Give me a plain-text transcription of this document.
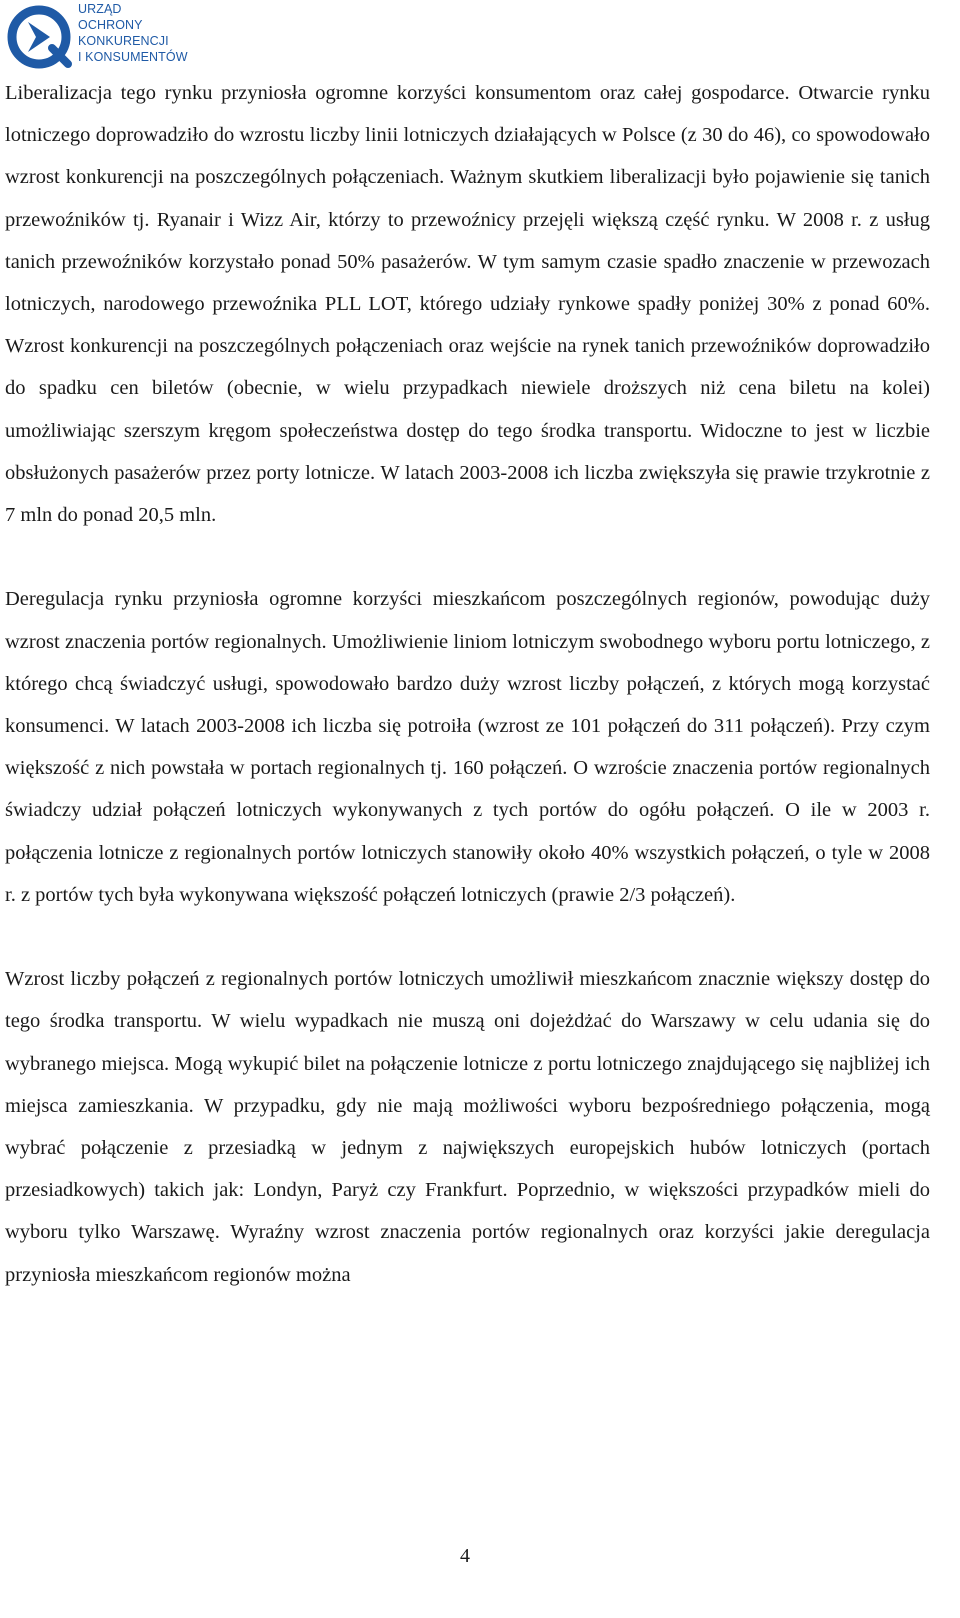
URZĄD
OCHRONY
KONKURENCJI
I KONSUMENTÓW

Liberalizacja tego rynku przyniosła ogromne korzyści konsumentom oraz całej gospodarce. Otwarcie rynku lotniczego doprowadziło do wzrostu liczby linii lotniczych działających w Polsce (z 30 do 46), co spowodowało wzrost konkurencji na poszczególnych połączeniach. Ważnym skutkiem liberalizacji było pojawienie się tanich przewoźników tj. Ryanair i Wizz Air, którzy to przewoźnicy przejęli większą część rynku. W 2008 r. z usług tanich przewoźników korzystało ponad 50% pasażerów. W tym samym czasie spadło znaczenie w przewozach lotniczych, narodowego przewoźnika PLL LOT, którego udziały rynkowe spadły poniżej 30% z ponad 60%. Wzrost konkurencji na poszczególnych połączeniach oraz wejście na rynek tanich przewoźników doprowadziło do spadku cen biletów (obecnie, w wielu przypadkach niewiele droższych niż cena biletu na kolei) umożliwiając szerszym kręgom społeczeństwa dostęp do tego środka transportu. Widoczne to jest w liczbie obsłużonych pasażerów przez porty lotnicze. W latach 2003-2008 ich liczba zwiększyła się prawie trzykrotnie z 7 mln do ponad 20,5 mln.

Deregulacja rynku przyniosła ogromne korzyści mieszkańcom poszczególnych regionów, powodując duży wzrost znaczenia portów regionalnych. Umożliwienie liniom lotniczym swobodnego wyboru portu lotniczego, z którego chcą świadczyć usługi, spowodowało bardzo duży wzrost liczby połączeń, z których mogą korzystać konsumenci. W latach 2003-2008 ich liczba się potroiła (wzrost ze 101 połączeń do 311 połączeń). Przy czym większość z nich powstała w portach regionalnych tj. 160 połączeń. O wzroście znaczenia portów regionalnych świadczy udział połączeń lotniczych wykonywanych z tych portów do ogółu połączeń. O ile w 2003 r. połączenia lotnicze z regionalnych portów lotniczych stanowiły około 40% wszystkich połączeń, o tyle w 2008 r. z portów tych była wykonywana większość połączeń lotniczych (prawie 2/3 połączeń).

Wzrost liczby połączeń z regionalnych portów lotniczych umożliwił mieszkańcom znacznie większy dostęp do tego środka transportu. W wielu wypadkach nie muszą oni dojeżdżać do Warszawy w celu udania się do wybranego miejsca. Mogą wykupić bilet na połączenie lotnicze z portu lotniczego znajdującego się najbliżej ich miejsca zamieszkania. W przypadku, gdy nie mają możliwości wyboru bezpośredniego połączenia, mogą wybrać połączenie z przesiadką w jednym z największych europejskich hubów lotniczych (portach przesiadkowych) takich jak: Londyn, Paryż czy Frankfurt. Poprzednio, w większości przypadków mieli do wyboru tylko Warszawę. Wyraźny wzrost znaczenia portów regionalnych oraz korzyści jakie deregulacja przyniosła mieszkańcom regionów można

4
